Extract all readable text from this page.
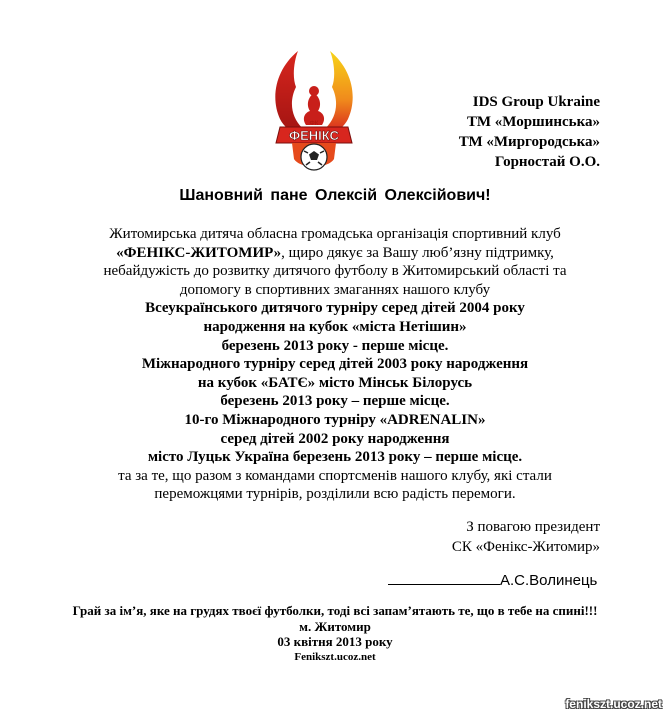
ФК
ФЕНІКС
IDS Group Ukraine
ТМ «Моршинська»
ТМ «Миргородська»
Горностай О.О.
Шановний пане Олексій Олексійович!
Житомирська дитяча обласна громадська організація спортивний клуб
«ФЕНІКС-ЖИТОМИР», щиро дякує за Вашу люб’язну підтримку,
небайдужість до розвитку дитячого футболу в Житомирський області та
допомогу в спортивних змаганнях нашого клубу
Всеукраїнського дитячого турніру серед дітей 2004 року
народження на кубок «міста Нетішин»
березень 2013 року - перше місце.
Міжнародного турніру серед дітей 2003 року народження
на кубок «БАТЄ» місто Мінськ Білорусь
березень 2013 року – перше місце.
10-го Міжнародного турніру «ADRENALIN»
серед дітей 2002 року народження
місто Луцьк Україна березень 2013 року – перше місце.
та за те, що разом з командами спортсменів нашого клубу, які стали
переможцями турнірів, розділили всю радість перемоги.
З повагою президент
СК «Фенікс-Житомир»
А.С.Волинець
Грай за ім’я, яке на грудях твоєї футболки, тоді всі запам’ятають те, що в тебе на спині!!!
м. Житомир
03 квітня 2013 року
Fenikszt.ucoz.net
fenikszt.ucoz.net
